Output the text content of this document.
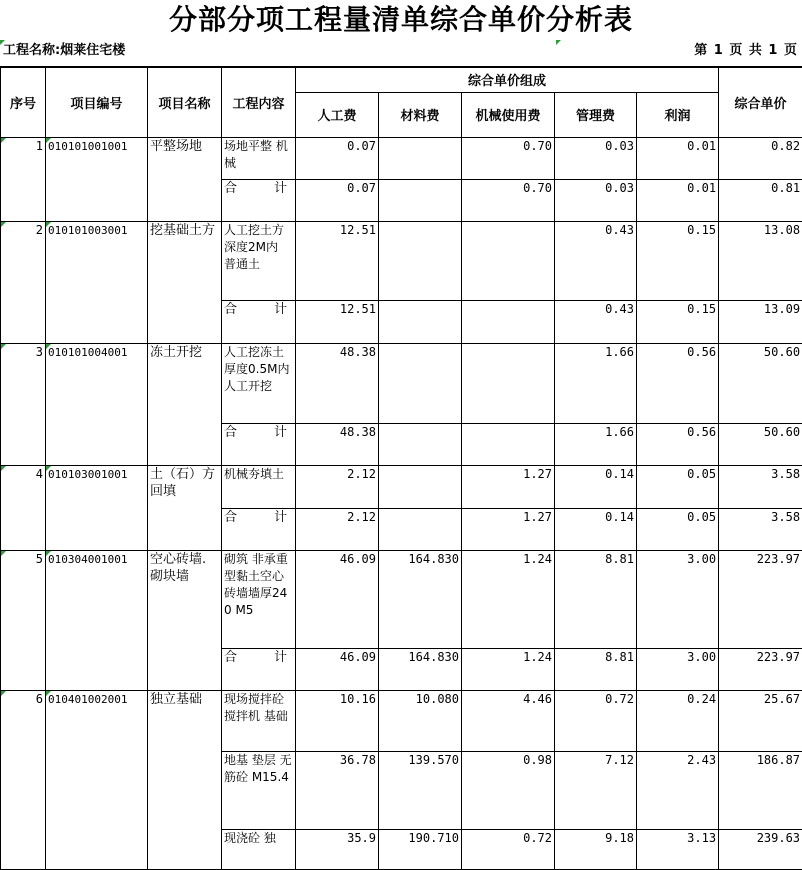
分部分项工程量清单综合单价分析表
工程名称:烟莱住宅楼	第 1 页 共 1 页
序号	项目编号	项目名称	工程内容	综合单价组成					综合单价
				人工费	材料费	机械使用费	管理费	利润	

1	010101001001	平整场地	场地平整 机械	0.07		0.70	0.03	0.01	0.82

			合 计	0.07		0.70	0.03	0.01	0.81

2	010101003001	挖基础土方	人工挖土方深度2M内 普通土	12.51			0.43	0.15	13.08

			合 计	12.51			0.43	0.15	13.09

3	010101004001	冻土开挖	人工挖冻土厚度0.5M内 人工开挖	48.38			1.66	0.56	50.60

			合 计	48.38			1.66	0.56	50.60

4	010103001001	土（石）方回填	机械夯填土	2.12		1.27	0.14	0.05	3.58

			合 计	2.12		1.27	0.14	0.05	3.58

5	010304001001	空心砖墙.砌块墙	砌筑 非承重型黏土空心砖墙墙厚240 M5	46.09	164.830	1.24	8.81	3.00	223.97

			合 计	46.09	164.830	1.24	8.81	3.00	223.97

6	010401002001	独立基础	现场搅拌砼 搅拌机 基础	10.16	10.080	4.46	0.72	0.24	25.67
			地基 垫层 无筋砼 M15.4	36.78	139.570	0.98	7.12	2.43	186.87
			现浇砼 独	35.9	190.710	0.72	9.18	3.13	239.63
